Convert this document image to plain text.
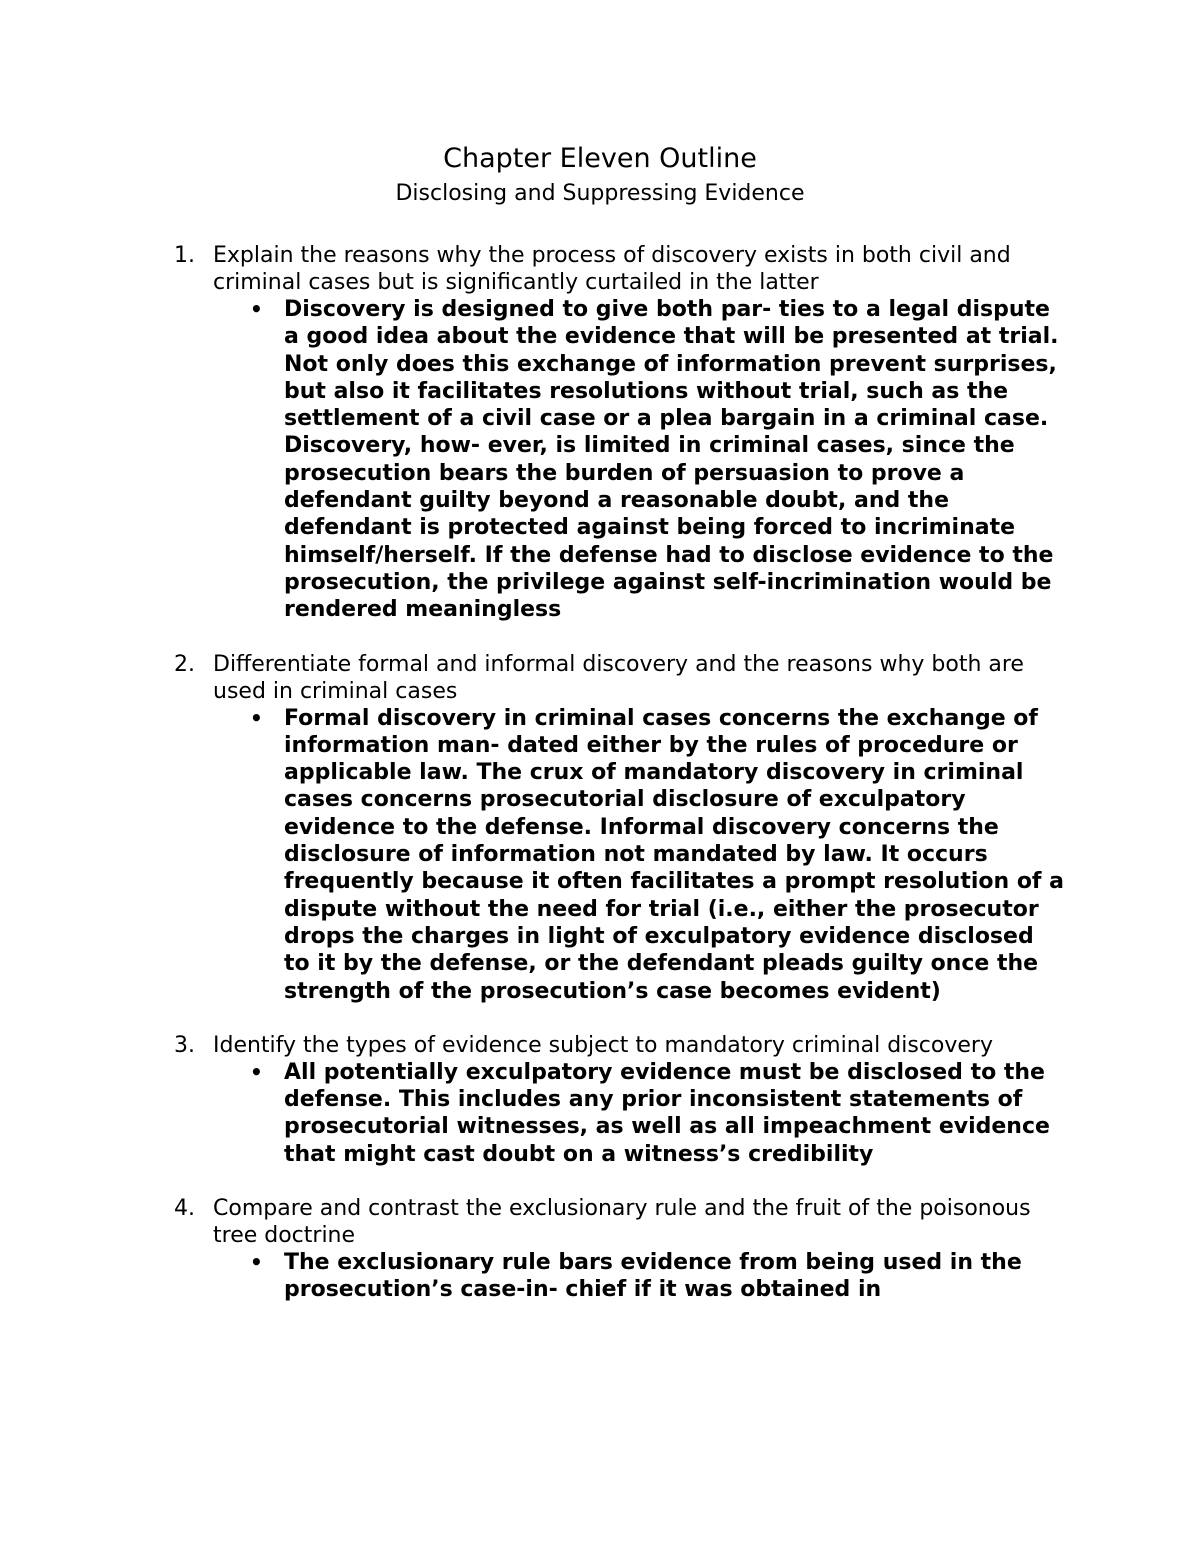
Chapter Eleven Outline
Disclosing and Suppressing Evidence
1. Explain the reasons why the process of discovery exists in both civil and criminal cases but is significantly curtailed in the latter
• Discovery is designed to give both par- ties to a legal dispute a good idea about the evidence that will be presented at trial. Not only does this exchange of information prevent surprises, but also it facilitates resolutions without trial, such as the settlement of a civil case or a plea bargain in a criminal case. Discovery, how- ever, is limited in criminal cases, since the prosecution bears the burden of persuasion to prove a defendant guilty beyond a reasonable doubt, and the defendant is protected against being forced to incriminate himself/herself. If the defense had to disclose evidence to the prosecution, the privilege against self-incrimination would be rendered meaningless
2. Differentiate formal and informal discovery and the reasons why both are used in criminal cases
• Formal discovery in criminal cases concerns the exchange of information man- dated either by the rules of procedure or applicable law. The crux of mandatory discovery in criminal cases concerns prosecutorial disclosure of exculpatory evidence to the defense. Informal discovery concerns the disclosure of information not mandated by law. It occurs frequently because it often facilitates a prompt resolution of a dispute without the need for trial (i.e., either the prosecutor drops the charges in light of exculpatory evidence disclosed to it by the defense, or the defendant pleads guilty once the strength of the prosecution’s case becomes evident)
3. Identify the types of evidence subject to mandatory criminal discovery
• All potentially exculpatory evidence must be disclosed to the defense. This includes any prior inconsistent statements of prosecutorial witnesses, as well as all impeachment evidence that might cast doubt on a witness’s credibility
4. Compare and contrast the exclusionary rule and the fruit of the poisonous tree doctrine
• The exclusionary rule bars evidence from being used in the prosecution’s case-in- chief if it was obtained in
